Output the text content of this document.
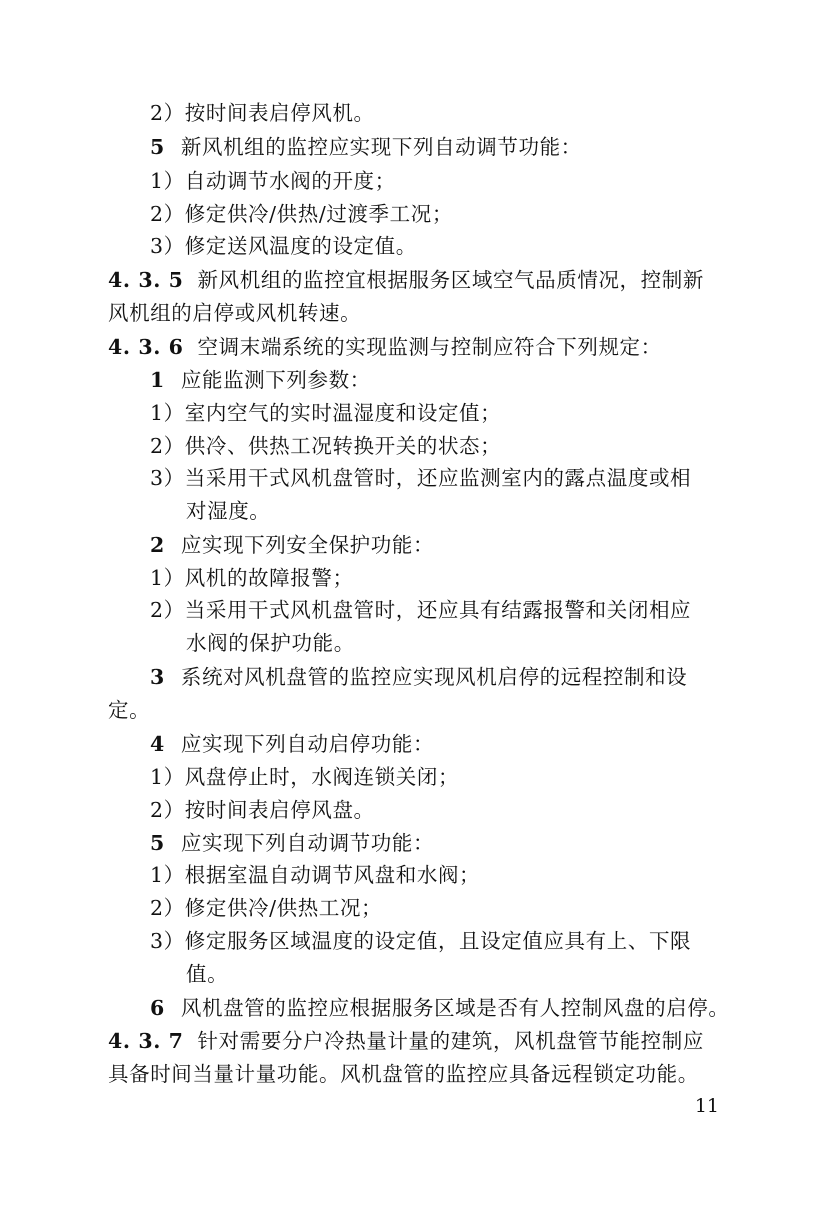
2）按时间表启停风机。
5 新风机组的监控应实现下列自动调节功能：
1）自动调节水阀的开度；
2）修定供冷/供热/过渡季工况；
3）修定送风温度的设定值。
4. 3. 5 新风机组的监控宜根据服务区域空气品质情况，控制新
风机组的启停或风机转速。
4. 3. 6 空调末端系统的实现监测与控制应符合下列规定：
1 应能监测下列参数：
1）室内空气的实时温湿度和设定值；
2）供冷、供热工况转换开关的状态；
3）当采用干式风机盘管时，还应监测室内的露点温度或相
对湿度。
2 应实现下列安全保护功能：
1）风机的故障报警；
2）当采用干式风机盘管时，还应具有结露报警和关闭相应
水阀的保护功能。
3 系统对风机盘管的监控应实现风机启停的远程控制和设
定。
4 应实现下列自动启停功能：
1）风盘停止时，水阀连锁关闭；
2）按时间表启停风盘。
5 应实现下列自动调节功能：
1）根据室温自动调节风盘和水阀；
2）修定供冷/供热工况；
3）修定服务区域温度的设定值，且设定值应具有上、下限
值。
6 风机盘管的监控应根据服务区域是否有人控制风盘的启停。
4. 3. 7 针对需要分户冷热量计量的建筑，风机盘管节能控制应
具备时间当量计量功能。风机盘管的监控应具备远程锁定功能。
11
